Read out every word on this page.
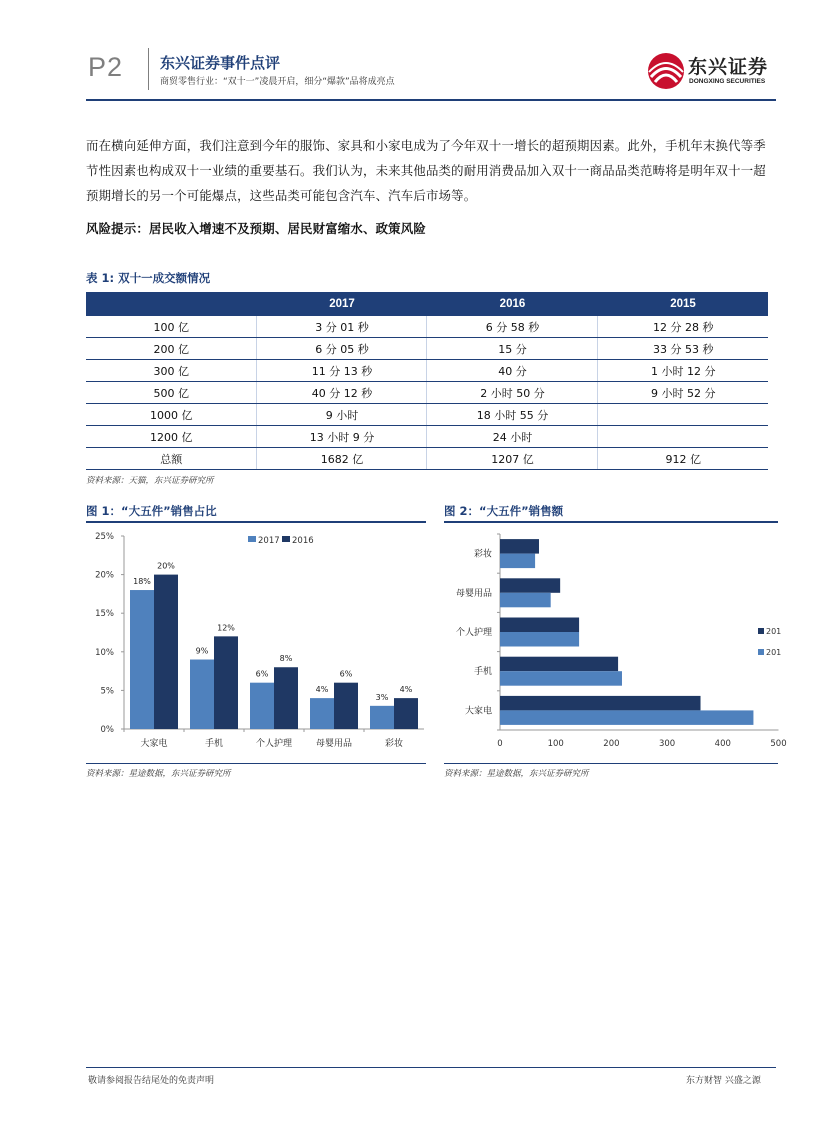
P2 东兴证券事件点评
商贸零售行业：“双十一”凌晨开启，细分“爆款”品将成亮点
东兴证券
DONGXING SECURITIES
而在横向延伸方面，我们注意到今年的服饰、家具和小家电成为了今年双十一增长的超预期因素。此外，手机年末换代等季节性因素也构成双十一业绩的重要基石。我们认为，未来其他品类的耐用消费品加入双十一商品品类范畴将是明年双十一超预期增长的另一个可能爆点，这些品类可能包含汽车、汽车后市场等。
风险提示：居民收入增速不及预期、居民财富缩水、政策风险
表 1: 双十一成交额情况
	2017	2016	2015
100 亿	3 分 01 秒	6 分 58 秒	12 分 28 秒
200 亿	6 分 05 秒	15 分	33 分 53 秒
300 亿	11 分 13 秒	40 分	1 小时 12 分
500 亿	40 分 12 秒	2 小时 50 分	9 小时 52 分
1000 亿	9 小时	18 小时 55 分	
1200 亿	13 小时 9 分	24 小时	
总额	1682 亿	1207 亿	912 亿
资料来源：天猫，东兴证券研究所
图 1：“大五件”销售占比	图 2：“大五件”销售额
25%
20%
15%
10%
5%
0%
18%
20%
大家电
9%
12%
手机
6%
8%
个人护理
4%
6%
母婴用品
3%
4%
彩妆
2017 2016
0	100	200	300	400	500
彩妆
母婴用品
个人护理
手机
大家电
201
201
资料来源：星途数据，东兴证券研究所	资料来源：星途数据，东兴证券研究所
敬请参阅报告结尾处的免责声明	东方财智 兴盛之源
